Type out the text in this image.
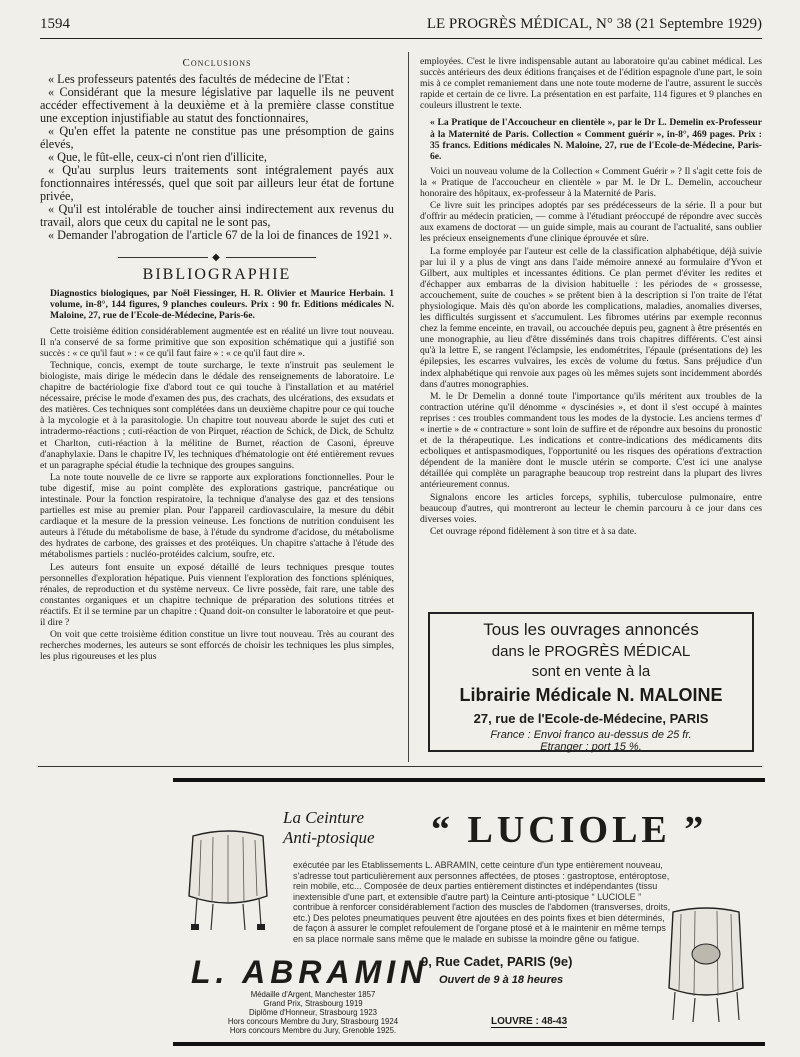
1594	LE PROGRÈS MÉDICAL, N° 38 (21 Septembre 1929)
Conclusions

« Les professeurs patentés des facultés de médecine de l'Etat :

« Considérant que la mesure législative par laquelle ils ne peuvent accéder effectivement à la deuxième et à la première classe constitue une exception injustifiable au statut des fonctionnaires,

« Qu'en effet la patente ne constitue pas une présomption de gains élevés,

« Que, le fût-elle, ceux-ci n'ont rien d'illicite,

« Qu'au surplus leurs traitements sont intégralement payés aux fonctionnaires intéressés, quel que soit par ailleurs leur état de fortune privée,

« Qu'il est intolérable de toucher ainsi indirectement aux revenus du travail, alors que ceux du capital ne le sont pas,

« Demander l'abrogation de l'article 67 de la loi de finances de 1921 ».

◆
BIBLIOGRAPHIE

Diagnostics biologiques, par Noël Fiessinger, H. R. Olivier et Maurice Herbain. 1 volume, in-8°, 144 figures, 9 planches couleurs. Prix : 90 fr. Editions médicales N. Maloine, 27, rue de l'Ecole-de-Médecine, Paris-6e.

Cette troisième édition considérablement augmentée est en réalité un livre tout nouveau. Il n'a conservé de sa forme primitive que son exposition schématique qui a justifié son succès : « ce qu'il faut » : « ce qu'il faut faire » : « ce qu'il faut dire ».

Technique, concis, exempt de toute surcharge, le texte n'instruit pas seulement le biologiste, mais dirige le médecin dans le dédale des renseignements de laboratoire. Le chapitre de bactériologie fixe d'abord tout ce qui touche à l'installation et au matériel nécessaire, précise le mode d'examen des pus, des crachats, des ulcérations, des exsudats et des matières. Ces techniques sont complétées dans un deuxième chapitre pour ce qui touche à la mycologie et à la parasitologie. Un chapitre tout nouveau aborde le sujet des cuti et intradermo-réactions ; cuti-réaction de von Pirquet, réaction de Schick, de Dick, de Schultz et Charlton, cuti-réaction à la mélitine de Burnet, réaction de Casoni, épreuve d'anaphylaxie. Dans le chapitre IV, les techniques d'hématologie ont été entièrement revues et un paragraphe spécial étudie la technique des groupes sanguins.

La note toute nouvelle de ce livre se rapporte aux explorations fonctionnelles. Pour le tube digestif, mise au point complète des explorations gastrique, pancréatique ou intestinale. Pour la fonction respiratoire, la technique d'analyse des gaz et des tensions partielles est mise au premier plan. Pour l'appareil cardiovasculaire, la mesure du débit cardiaque et la mesure de la pression veineuse. Les fonctions de nutrition conduisent les auteurs à l'étude du métabolisme de base, à l'étude du syndrome d'acidose, du métabolisme des hydrates de carbone, des graisses et des protéiques. Un chapitre s'attache à l'étude des métabolismes partiels : nucléo-protéides calcium, soufre, etc.

Les auteurs font ensuite un exposé détaillé de leurs techniques presque toutes personnelles d'exploration hépatique. Puis viennent l'exploration des fonctions spléniques, rénales, de reproduction et du système nerveux. Ce livre possède, fait rare, une table des constantes organiques et un chapitre technique de préparation des solutions titrées et réactifs. Et il se termine par un chapitre : Quand doit-on consulter le laboratoire et que peut-il dire ?

On voit que cette troisième édition constitue un livre tout nouveau. Très au courant des recherches modernes, les auteurs se sont efforcés de choisir les techniques les plus simples, les plus rigoureuses et les plus

employées. C'est le livre indispensable autant au laboratoire qu'au cabinet médical. Les succès antérieurs des deux éditions françaises et de l'édition espagnole d'une part, le soin mis à ce complet remaniement dans une note toute moderne de l'autre, assurent le succès rapide et certain de ce livre. La présentation en est parfaite, 114 figures et 9 planches en couleurs illustrent le texte.

« La Pratique de l'Accoucheur en clientèle », par le Dr L. Demelin ex-Professeur à la Maternité de Paris. Collection « Comment guérir », in-8°, 469 pages. Prix : 35 francs. Editions médicales N. Maloine, 27, rue de l'Ecole-de-Médecine, Paris-6e.

Voici un nouveau volume de la Collection « Comment Guérir » ? Il s'agit cette fois de la « Pratique de l'accoucheur en clientèle » par M. le Dr L. Demelin, accoucheur honoraire des hôpitaux, ex-professeur à la Maternité de Paris.

Ce livre suit les principes adoptés par ses prédécesseurs de la série. Il a pour but d'offrir au médecin praticien, — comme à l'étudiant préoccupé de répondre avec succès aux examens de doctorat — un guide simple, mais au courant de l'actualité, sans oublier les précieux enseignements d'une clinique éprouvée et sûre.

La forme employée par l'auteur est celle de la classification alphabétique, déjà suivie par lui il y a plus de vingt ans dans l'aide mémoire annexé au formulaire d'Yvon et Gilbert, aux multiples et incessantes éditions. Ce plan permet d'éviter les redites et d'échapper aux embarras de la division habituelle : les périodes de « grossesse, accouchement, suite de couches » se prêtent bien à la description si l'on traite de l'état physiologique. Mais dès qu'on aborde les complications, maladies, anomalies diverses, les difficultés surgissent et s'accumulent. Les fibromes utérins par exemple reconnus chez la femme enceinte, en travail, ou accouchée depuis peu, gagnent à être présentés en une monographie, au lieu d'être disséminés dans trois chapitres différents. C'est ainsi qu'à la lettre E, se rangent l'éclampsie, les endométrites, l'épaule (présentations de) les épilepsies, les escarres vulvaires, les excès de volume du fœtus. Sans préjudice d'un index alphabétique qui renvoie aux pages où les mêmes sujets sont incidemment abordés dans d'autres monographies.

M. le Dr Demelin a donné toute l'importance qu'ils méritent aux troubles de la contraction utérine qu'il dénomme « dyscinésies », et dont il s'est occupé à maintes reprises : ces troubles commandent tous les modes de la dystocie. Les anciens termes d' « inertie » de « contracture » sont loin de suffire et de répondre aux besoins du pronostic et de la thérapeutique. Les indications et contre-indications des médicaments dits ecboliques et antispasmodiques, l'opportunité ou les risques des opérations d'extraction dépendent de la manière dont le muscle utérin se comporte. C'est ici une analyse détaillée qui complète un paragraphe beaucoup trop restreint dans la plupart des livres antérieurement connus.

Signalons encore les articles forceps, syphilis, tuberculose pulmonaire, entre beaucoup d'autres, qui montreront au lecteur le chemin parcouru à ce jour dans ces diverses voies.

Cet ouvrage répond fidèlement à son titre et à sa date.

Tous les ouvrages annoncés
dans le PROGRÈS MÉDICAL
sont en vente à la
Librairie Médicale N. MALOINE
27, rue de l'Ecole-de-Médecine, PARIS
France : Envoi franco au-dessus de 25 fr.
Etranger : port 15 %.
La Ceinture
Anti-ptosique “ LUCIOLE ”
exécutée par les Etablissements L. ABRAMIN, cette ceinture d'un type entièrement nouveau, s'adresse tout particulièrement aux personnes affectées, de ptoses : gastroptose, entéroptose, rein mobile, etc... Composée de deux parties entièrement distinctes et indépendantes (tissu inextensible d'une part, et extensible d'autre part) la Ceinture anti-ptosique “ LUCIOLE ” contribue à renforcer considérablement l'action des muscles de l'abdomen (transverses, droits, etc.) Des pelotes pneumatiques peuvent être ajoutées en des points fixes et bien déterminés, de façon à assurer le complet refoulement de l'organe ptosé et à le maintenir en même temps en sa place normale sans même que le malade en subisse la moindre gêne ou fatigue.
L. ABRAMIN
Médaille d'Argent, Manchester 1857
Grand Prix, Strasbourg 1919
Diplôme d'Honneur, Strasbourg 1923
Hors concours Membre du Jury, Strasbourg 1924
Hors concours Membre du Jury, Grenoble 1925.
9, Rue Cadet, PARIS (9e)
Ouvert de 9 à 18 heures
LOUVRE : 48-43
